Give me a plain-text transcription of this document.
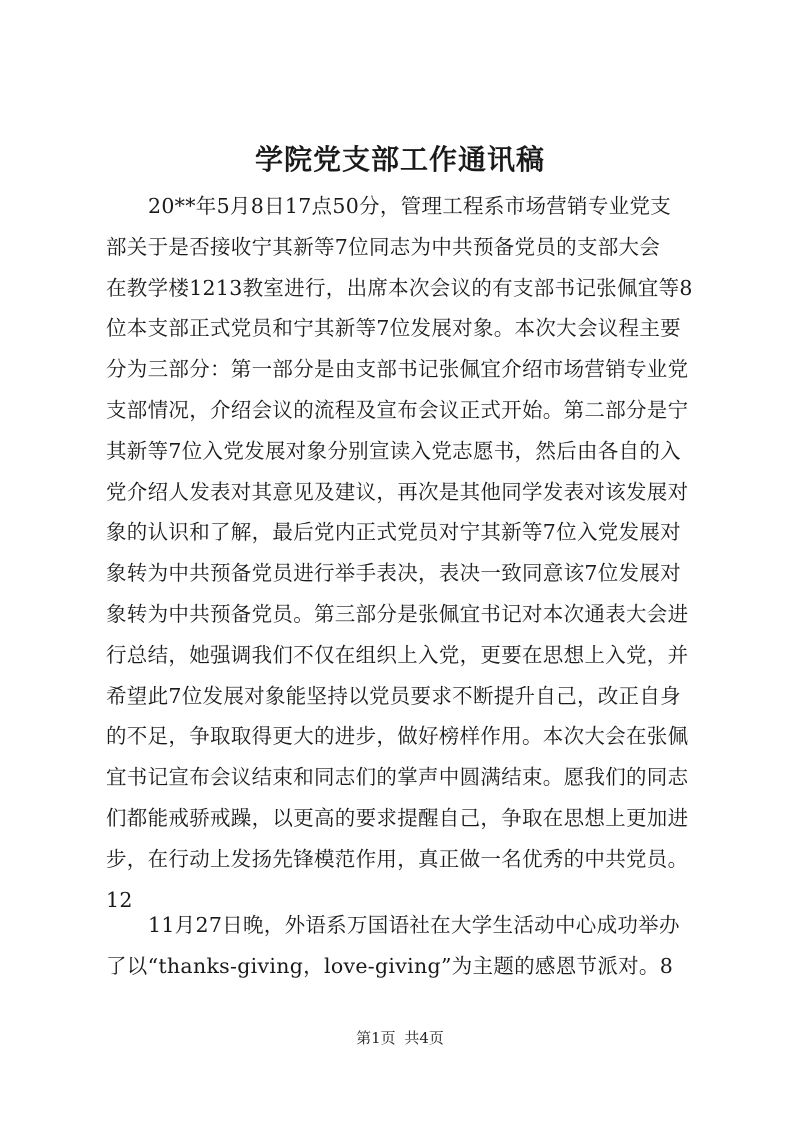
学院党支部工作通讯稿
20**年5月8日17点50分，管理工程系市场营销专业党支
部关于是否接收宁其新等7位同志为中共预备党员的支部大会
在教学楼1213教室进行，出席本次会议的有支部书记张佩宜等8
位本支部正式党员和宁其新等7位发展对象。本次大会议程主要
分为三部分：第一部分是由支部书记张佩宜介绍市场营销专业党
支部情况，介绍会议的流程及宣布会议正式开始。第二部分是宁
其新等7位入党发展对象分别宣读入党志愿书，然后由各自的入
党介绍人发表对其意见及建议，再次是其他同学发表对该发展对
象的认识和了解，最后党内正式党员对宁其新等7位入党发展对
象转为中共预备党员进行举手表决，表决一致同意该7位发展对
象转为中共预备党员。第三部分是张佩宜书记对本次通表大会进
行总结，她强调我们不仅在组织上入党，更要在思想上入党，并
希望此7位发展对象能坚持以党员要求不断提升自己，改正自身
的不足，争取取得更大的进步，做好榜样作用。本次大会在张佩
宜书记宣布会议结束和同志们的掌声中圆满结束。愿我们的同志
们都能戒骄戒躁，以更高的要求提醒自己，争取在思想上更加进
步，在行动上发扬先锋模范作用，真正做一名优秀的中共党员。
12
11月27日晚，外语系万国语社在大学生活动中心成功举办
了以“thanks-giving，love-giving”为主题的感恩节派对。8
第1页 共4页
